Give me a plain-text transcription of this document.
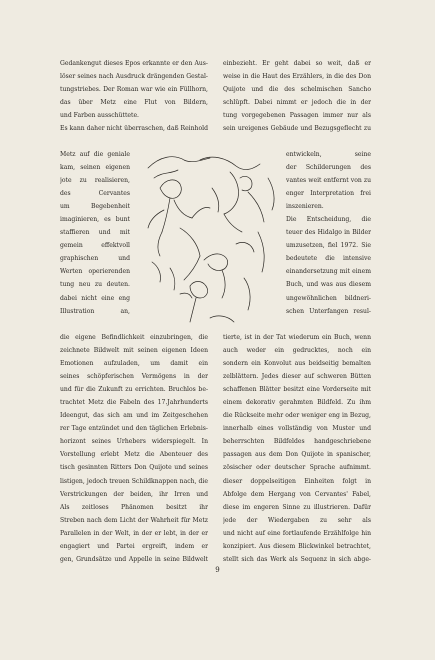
Gedankengut dieses Epos erkannte er den Aus-
löser seines nach Ausdruck drängenden Gestal-
tungstriebes. Der Roman war wie ein Füllhorn,
das über Metz eine Flut von Bildern,
und Farben ausschüttete.
Es kann daher nicht überraschen, daß Reinhold
Metz auf die geniale
kam, seinen eigenen
jote zu realisieren,
des Cervantes
um Begebenheit
imaginieren, es bunt
staffieren und mit
gemein effektvoll
graphischen und
Werten operierenden
tung neu zu deuten.
dabei nicht eine eng
Illustration an,
die eigene Befindlichkeit einzubringen, die
zeichnete Bildwelt mit seinen eigenen Ideen
Emotionen aufzuladen, um damit ein
seines schöpferischen Vermögens in der
und für die Zukunft zu errichten. Bruchlos be-
trachtet Metz die Fabeln des 17.Jahrhunderts
Ideengut, das sich am und im Zeitgeschehen
rer Tage entzündet und den täglichen Erlebnis-
horizont seines Urhebers widerspiegelt. In
Vorstellung erlebt Metz die Abenteuer des
tisch gesinnten Ritters Don Quijote und seines
listigen, jedoch treuen Schildknappen nach, die
Verstrickungen der beiden, ihr Irren und
Als zeitloses Phänomen besitzt ihr
Streben nach dem Licht der Wahrheit für Metz
Parallelen in der Welt, in der er lebt, in der er
engagiert und Partei ergreift, indem er
gen, Grundsätze und Appelle in seine Bildwelt
einbezieht. Er geht dabei so weit, daß er
weise in die Haut des Erzählers, in die des Don
Quijote und die des schelmischen Sancho
schlüpft. Dabei nimmt er jedoch die in der
tung vorgegebenen Passagen immer nur als
sein ureigenes Gebäude und Bezugsgeflecht zu
entwickeln, seine
der Schilderungen des
vantes weit entfernt von zu
enger Interpretation frei
inszenieren.
Die Entscheidung, die
teuer des Hidalgo in Bilder
umzusetzen, fiel 1972. Sie
bedeutete die intensive
einandersetzung mit einem
Buch, und was aus diesem
ungewöhnlichen bildneri-
schen Unterfangen resul-
tierte, ist in der Tat wiederum ein Buch, wenn
auch weder ein gedrucktes, noch ein
sondern ein Konvolut aus beidseitig bemalten
zelblättern. Jedes dieser auf schweren Bütten
schaffenen Blätter besitzt eine Vorderseite mit
einem dekorativ gerahmten Bildfeld. Zu ihm
die Rückseite mehr oder weniger eng in Bezug,
innerhalb eines vollständig von Muster und
beherrschten Bildfeldes handgeschriebene
passagen aus dem Don Quijote in spanischer,
zösischer oder deutscher Sprache aufnimmt.
dieser doppelseitigen Einheiten folgt in
Abfolge dem Hergang von Cervantes' Fabel,
diese im engeren Sinne zu illustrieren. Dafür
jede der Wiedergaben zu sehr als
und nicht auf eine fortlaufende Erzählfolge hin
konzipiert. Aus diesem Blickwinkel betrachtet,
stellt sich das Werk als Sequenz in sich abge-
9
